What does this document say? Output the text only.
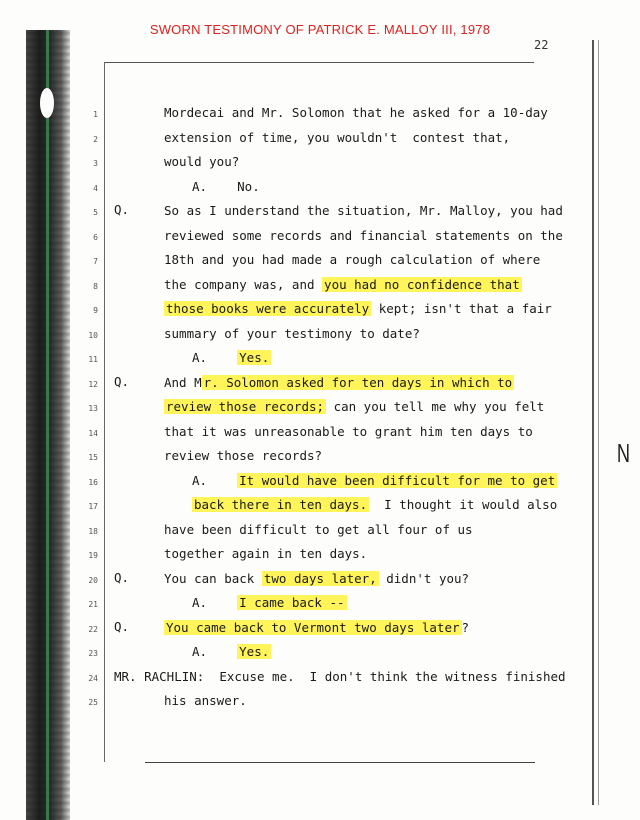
SWORN TESTIMONY OF PATRICK E. MALLOY III, 1978
22
N
1	Mordecai and Mr. Solomon that he asked for a 10-day
2	extension of time, you wouldn't  contest that,
3	would you?
4	A.    No.
5 Q.	So as I understand the situation, Mr. Malloy, you had
6	reviewed some records and financial statements on the
7	18th and you had made a rough calculation of where
8	the company was, and you had no confidence that
9	those books were accurately kept; isn't that a fair
10	summary of your testimony to date?
11	A.    Yes.
12 Q.	And M r. Solomon asked for ten days in which to
13	review those records; can you tell me why you felt
14	that it was unreasonable to grant him ten days to
15	review those records?
16	A.    It would have been difficult for me to get
17	back there in ten days.  I thought it would also
18	have been difficult to get all four of us
19	together again in ten days.
20 Q.	You can back two days later, didn't you?
21	A.    I came back --
22 Q.	You came back to Vermont two days later ?
23	A.    Yes.
24 MR. RACHLIN:  Excuse me.  I don't think the witness finished
25	his answer.
